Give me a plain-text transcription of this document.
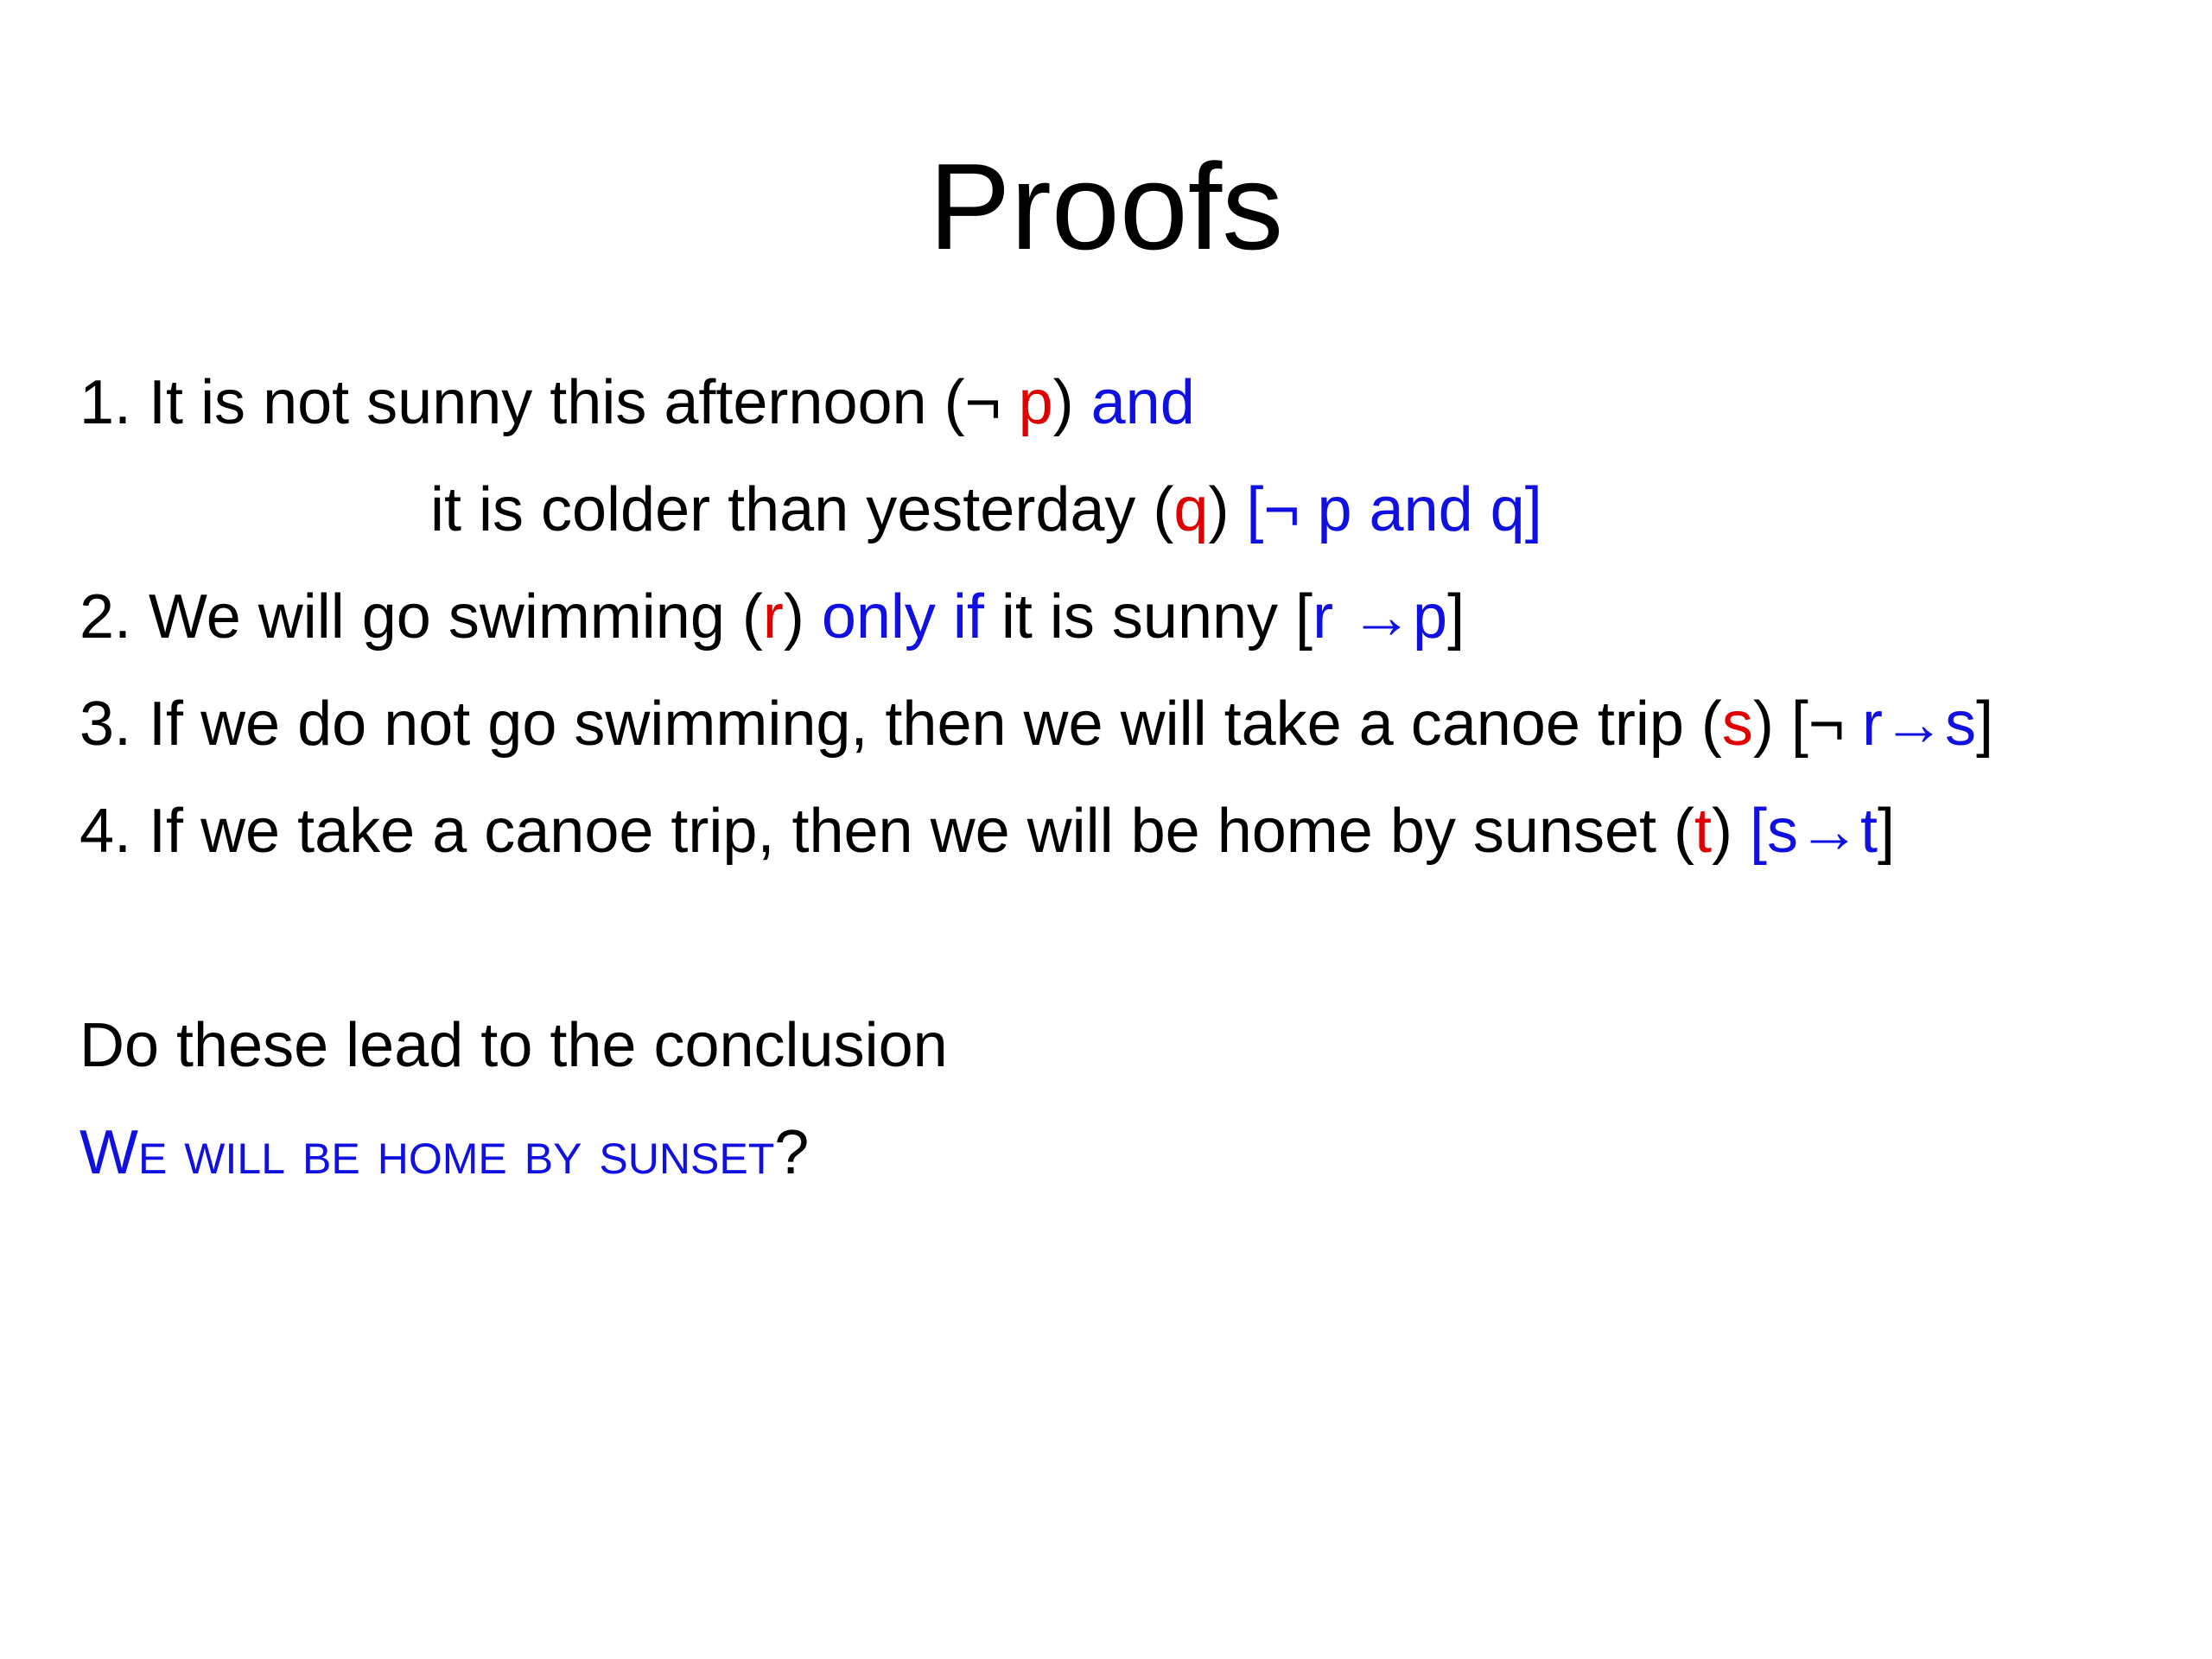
Proofs
1. It is not sunny this afternoon (¬ p) and
it is colder than yesterday (q) [¬ p and q]
2. We will go swimming (r) only if it is sunny [r →p]
3. If we do not go swimming, then we will take a canoe trip (s) [¬ r→s]
4. If we take a canoe trip, then we will be home by sunset (t) [s→t]
Do these lead to the conclusion
We will be home by sunset?
